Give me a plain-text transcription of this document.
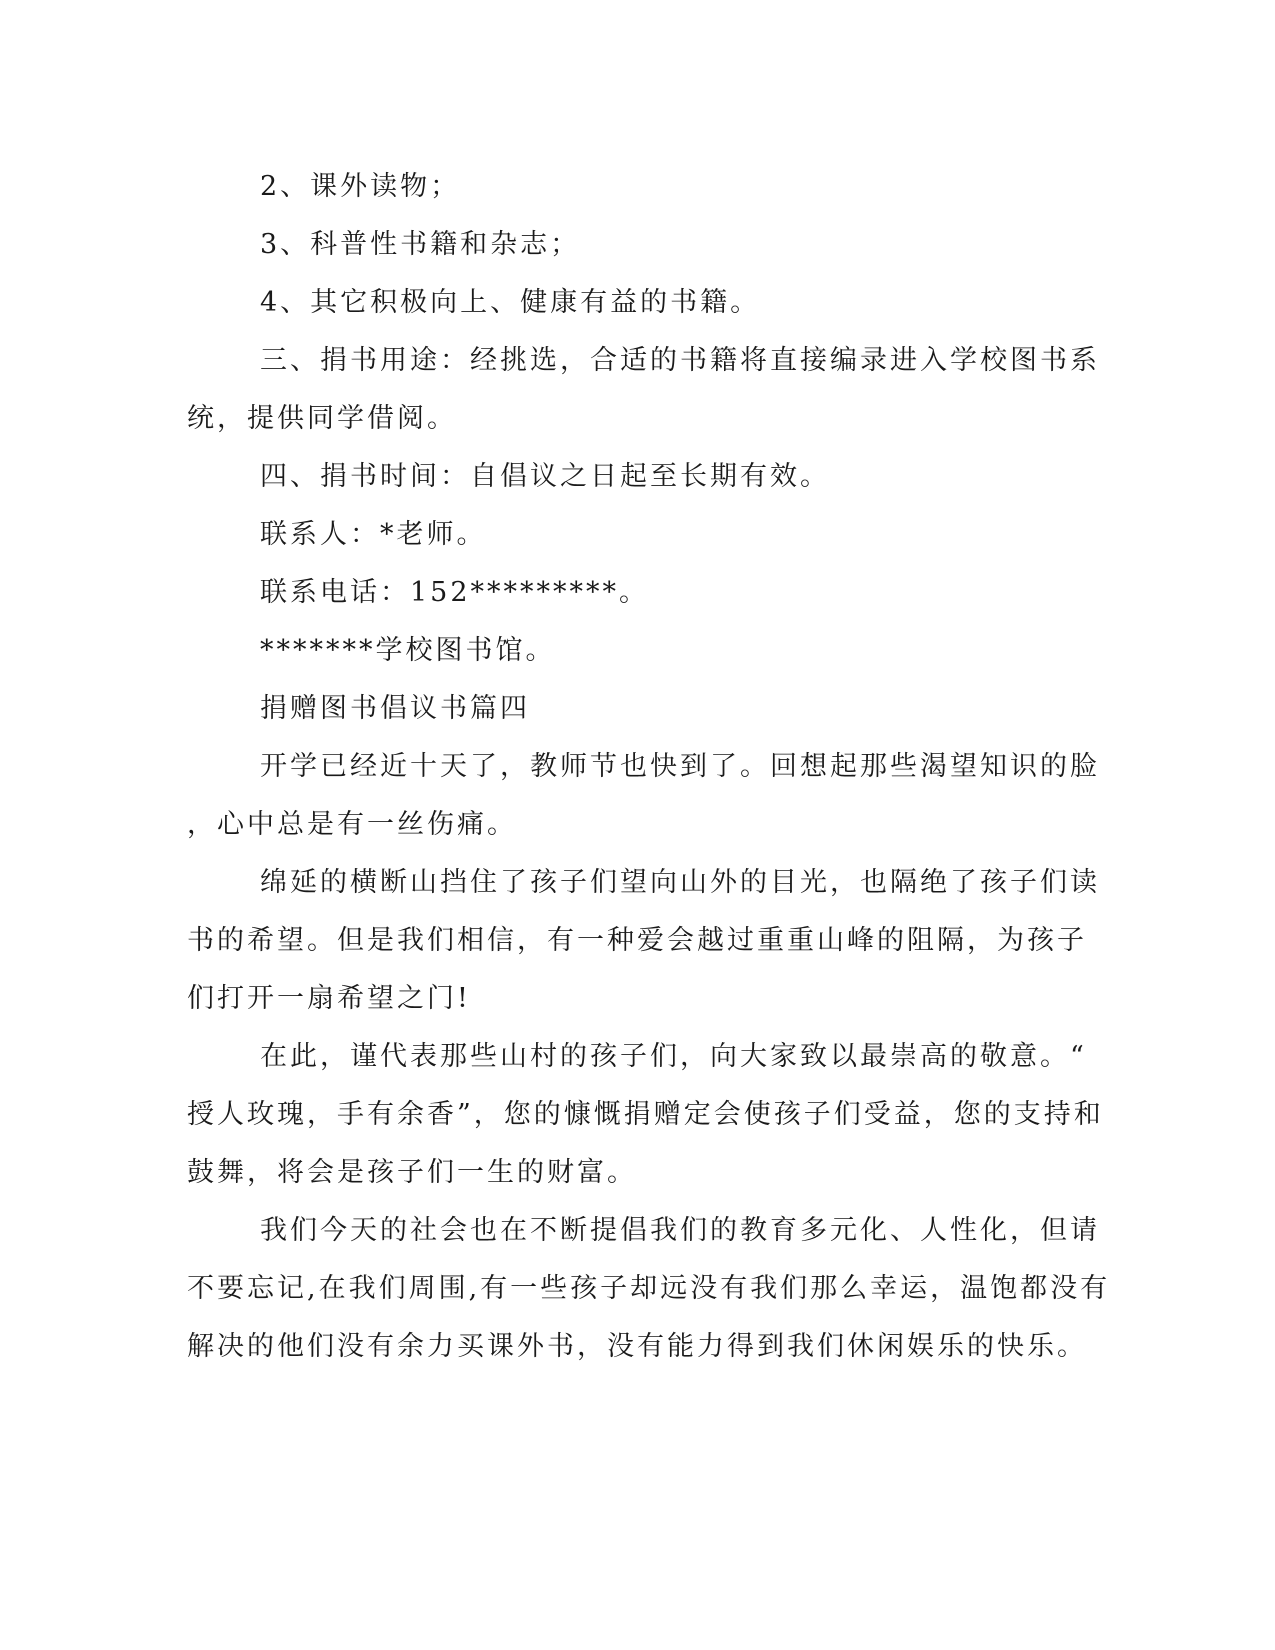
2、课外读物；
3、科普性书籍和杂志；
4、其它积极向上、健康有益的书籍。
三、捐书用途：经挑选，合适的书籍将直接编录进入学校图书系
统，提供同学借阅。
四、捐书时间：自倡议之日起至长期有效。
联系人：*老师。
联系电话：152*********。
*******学校图书馆。
捐赠图书倡议书篇四
开学已经近十天了，教师节也快到了。回想起那些渴望知识的脸
，心中总是有一丝伤痛。
绵延的横断山挡住了孩子们望向山外的目光，也隔绝了孩子们读
书的希望。但是我们相信，有一种爱会越过重重山峰的阻隔，为孩子
们打开一扇希望之门!
在此，谨代表那些山村的孩子们，向大家致以最崇高的敬意。“
授人玫瑰，手有余香”，您的慷慨捐赠定会使孩子们受益，您的支持和
鼓舞，将会是孩子们一生的财富。
我们今天的社会也在不断提倡我们的教育多元化、人性化，但请
不要忘记,在我们周围,有一些孩子却远没有我们那么幸运，温饱都没有
解决的他们没有余力买课外书，没有能力得到我们休闲娱乐的快乐。
